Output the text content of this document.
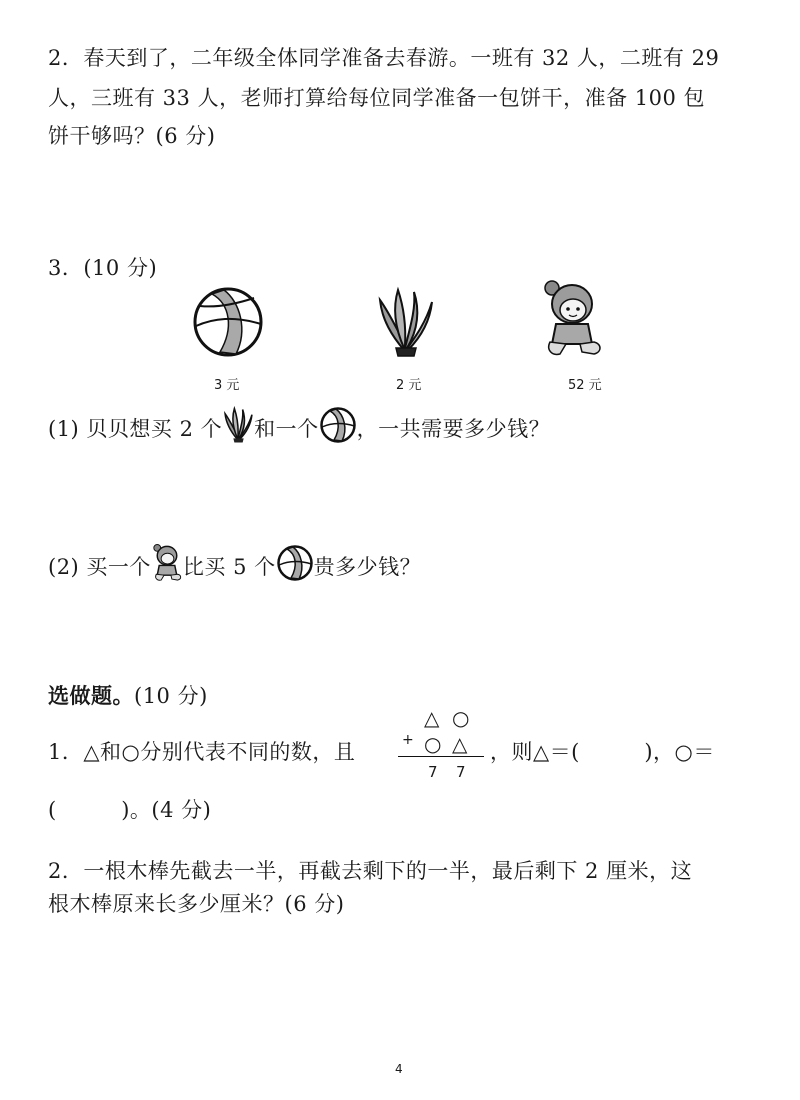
2．春天到了，二年级全体同学准备去春游。一班有 32 人，二班有 29
人，三班有 33 人，老师打算给每位同学准备一包饼干，准备 100 包
饼干够吗？(6 分)
3．(10 分)
3 元	2 元	52 元
(1) 贝贝想买 2 个 和一个 ，一共需要多少钱？
(2) 买一个 比买 5 个 贵多少钱？
选做题。(10 分)
1．△和○分别代表不同的数，且
△ ○
+ ○ △
7 7
，则△＝(　　　)，○＝
(　　　)。(4 分)
2．一根木棒先截去一半，再截去剩下的一半，最后剩下 2 厘米，这
根木棒原来长多少厘米？(6 分)
4
